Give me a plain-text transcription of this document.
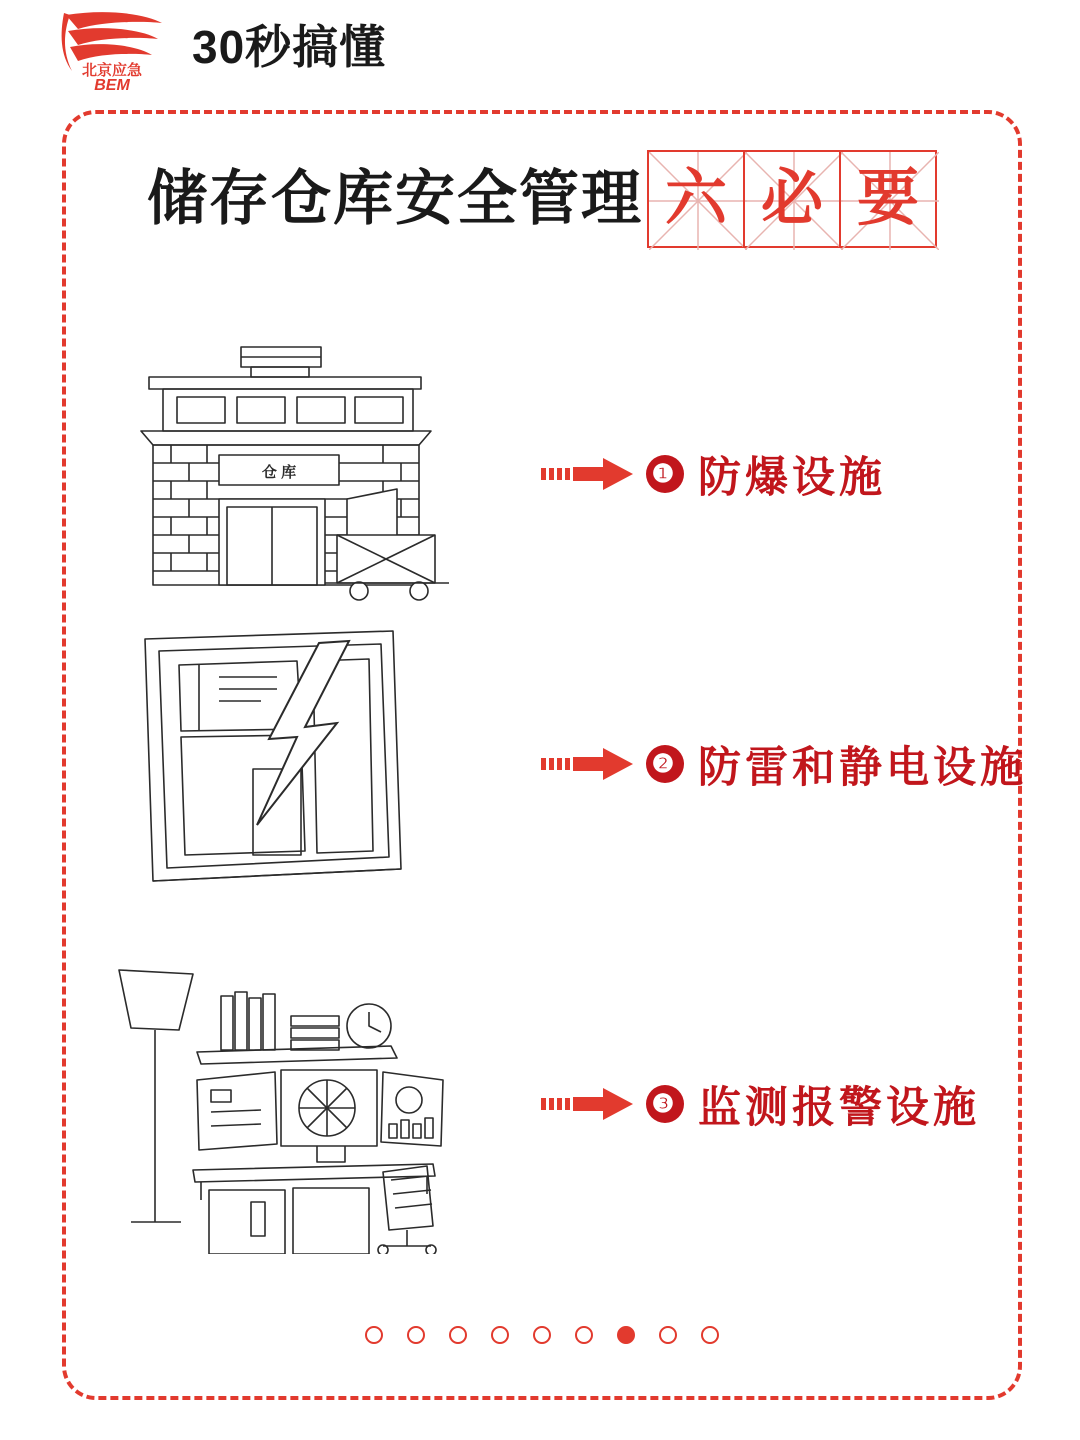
北京应急
BEM
30秒搞懂
储存仓库安全管理 六 必 要
仓 库	❶ 防爆设施
❷ 防雷和静电设施
❸ 监测报警设施
